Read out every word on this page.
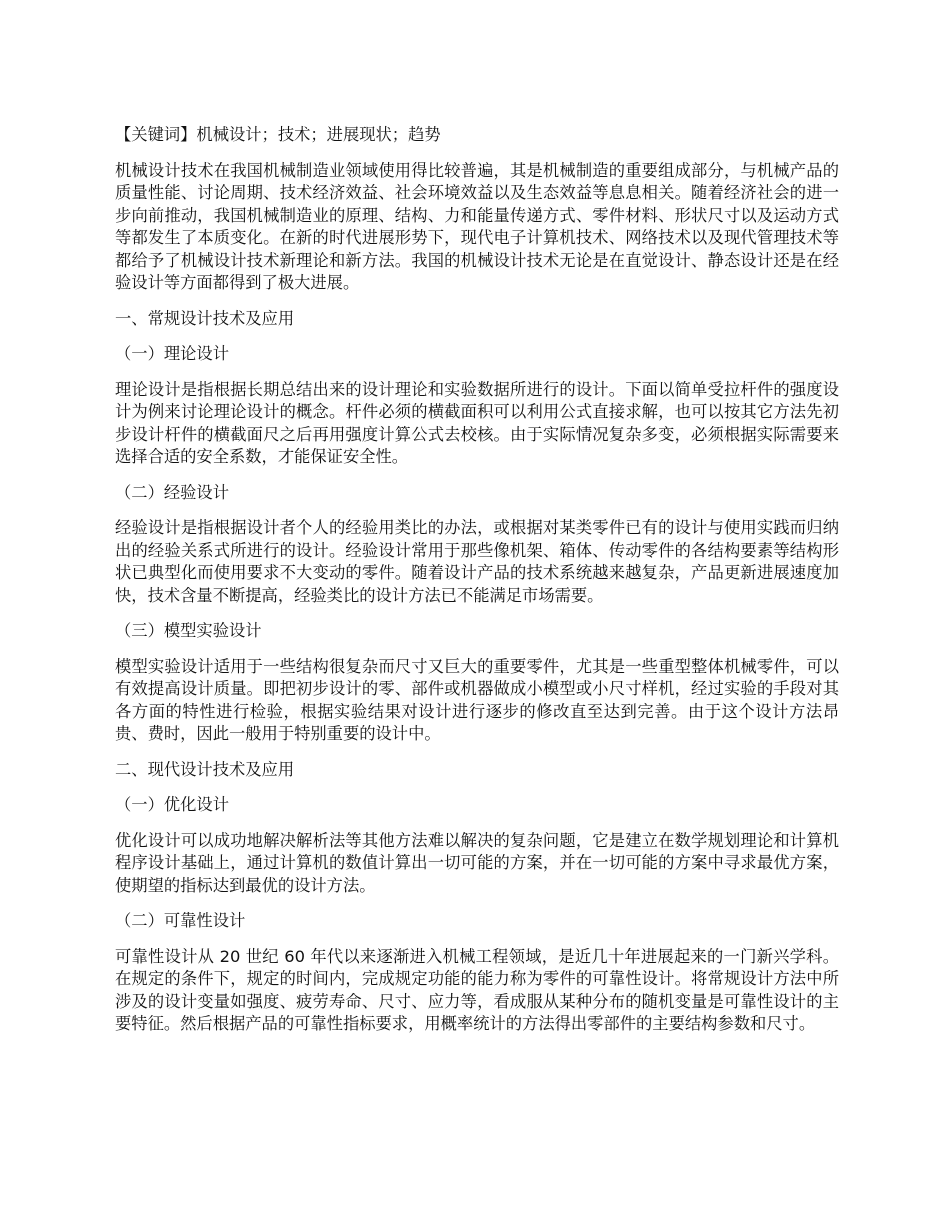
【关键词】机械设计；技术；进展现状；趋势

机械设计技术在我国机械制造业领域使用得比较普遍，其是机械制造的重要组成部分，与机械产品的质量性能、讨论周期、技术经济效益、社会环境效益以及生态效益等息息相关。随着经济社会的进一步向前推动，我国机械制造业的原理、结构、力和能量传递方式、零件材料、形状尺寸以及运动方式等都发生了本质变化。在新的时代进展形势下，现代电子计算机技术、网络技术以及现代管理技术等都给予了机械设计技术新理论和新方法。我国的机械设计技术无论是在直觉设计、静态设计还是在经验设计等方面都得到了极大进展。

一、常规设计技术及应用

（一）理论设计

理论设计是指根据长期总结出来的设计理论和实验数据所进行的设计。下面以简单受拉杆件的强度设计为例来讨论理论设计的概念。杆件必须的横截面积可以利用公式直接求解，也可以按其它方法先初步设计杆件的横截面尺之后再用强度计算公式去校核。由于实际情况复杂多变，必须根据实际需要来选择合适的安全系数，才能保证安全性。

（二）经验设计

经验设计是指根据设计者个人的经验用类比的办法，或根据对某类零件已有的设计与使用实践而归纳出的经验关系式所进行的设计。经验设计常用于那些像机架、箱体、传动零件的各结构要素等结构形状已典型化而使用要求不大变动的零件。随着设计产品的技术系统越来越复杂，产品更新进展速度加快，技术含量不断提高，经验类比的设计方法已不能满足市场需要。

（三）模型实验设计

模型实验设计适用于一些结构很复杂而尺寸又巨大的重要零件，尤其是一些重型整体机械零件，可以有效提高设计质量。即把初步设计的零、部件或机器做成小模型或小尺寸样机，经过实验的手段对其各方面的特性进行检验，根据实验结果对设计进行逐步的修改直至达到完善。由于这个设计方法昂贵、费时，因此一般用于特别重要的设计中。

二、现代设计技术及应用

（一）优化设计

优化设计可以成功地解决解析法等其他方法难以解决的复杂问题，它是建立在数学规划理论和计算机程序设计基础上，通过计算机的数值计算出一切可能的方案，并在一切可能的方案中寻求最优方案，使期望的指标达到最优的设计方法。

（二）可靠性设计

可靠性设计从 20 世纪 60 年代以来逐渐进入机械工程领域，是近几十年进展起来的一门新兴学科。在规定的条件下，规定的时间内，完成规定功能的能力称为零件的可靠性设计。将常规设计方法中所涉及的设计变量如强度、疲劳寿命、尺寸、应力等，看成服从某种分布的随机变量是可靠性设计的主要特征。然后根据产品的可靠性指标要求，用概率统计的方法得出零部件的主要结构参数和尺寸。
